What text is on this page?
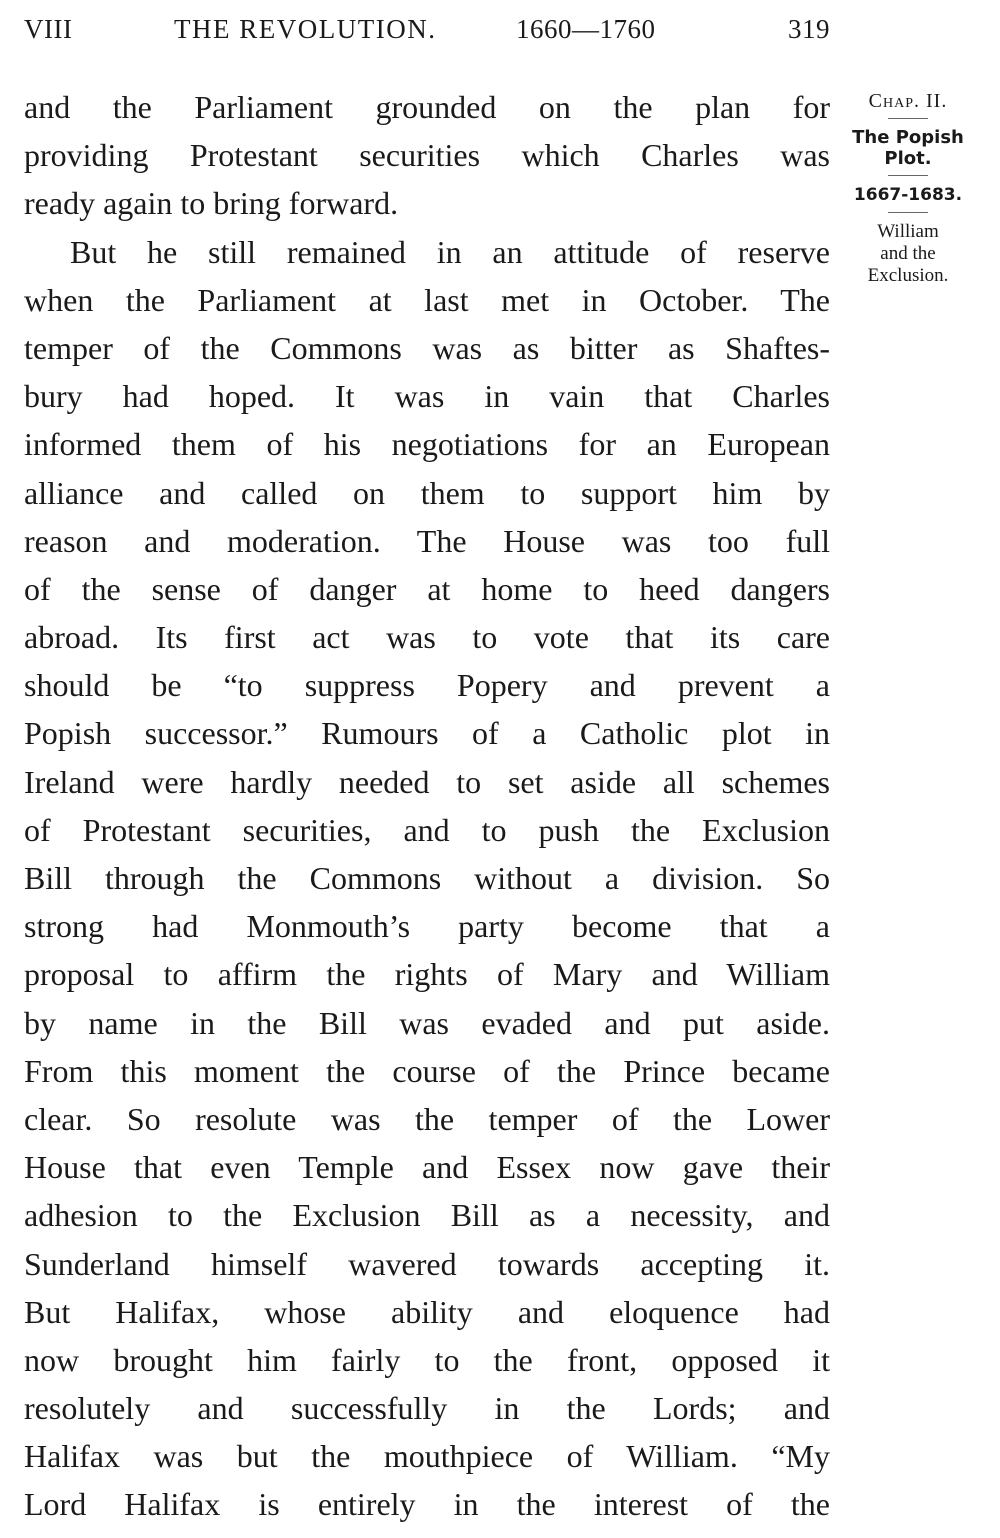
VIII	THE REVOLUTION.	1660—1760	319
and the Parliament grounded on the plan for
providing Protestant securities which Charles was
ready again to bring forward.
But he still remained in an attitude of reserve
when the Parliament at last met in October. The
temper of the Commons was as bitter as Shaftes-
bury had hoped. It was in vain that Charles
informed them of his negotiations for an European
alliance and called on them to support him by
reason and moderation. The House was too full
of the sense of danger at home to heed dangers
abroad. Its first act was to vote that its care
should be “to suppress Popery and prevent a
Popish successor.” Rumours of a Catholic plot in
Ireland were hardly needed to set aside all schemes
of Protestant securities, and to push the Exclusion
Bill through the Commons without a division. So
strong had Monmouth’s party become that a
proposal to affirm the rights of Mary and William
by name in the Bill was evaded and put aside.
From this moment the course of the Prince became
clear. So resolute was the temper of the Lower
House that even Temple and Essex now gave their
adhesion to the Exclusion Bill as a necessity, and
Sunderland himself wavered towards accepting it.
But Halifax, whose ability and eloquence had
now brought him fairly to the front, opposed it
resolutely and successfully in the Lords; and
Halifax was but the mouthpiece of William. “My
Lord Halifax is entirely in the interest of the
Chap. II.
The Popish
Plot.
1667-1683.
William
and the
Exclusion.
